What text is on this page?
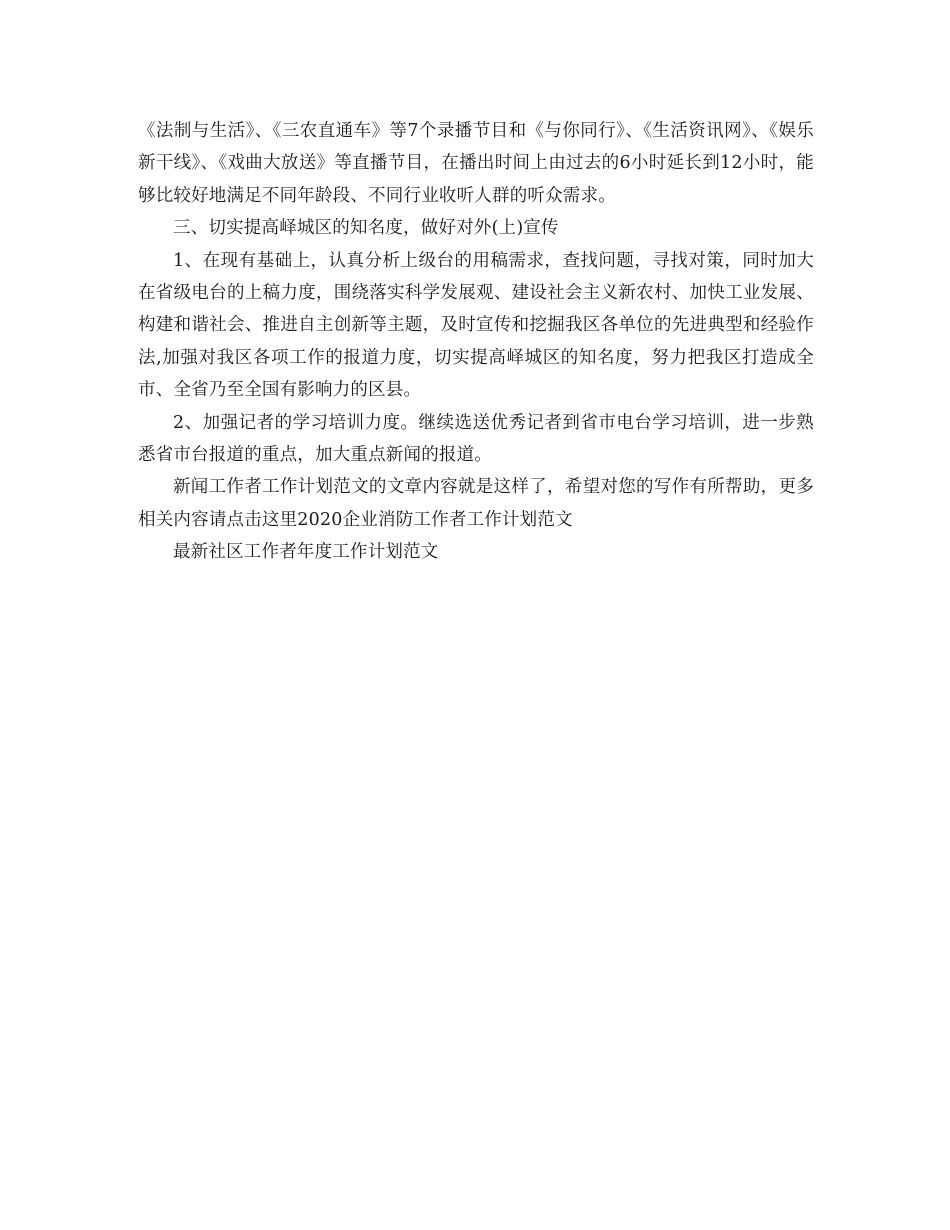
《法制与生活》、《三农直通车》等7个录播节目和《与你同行》、《生活资讯网》、《娱乐新干线》、《戏曲大放送》等直播节目，在播出时间上由过去的6小时延长到12小时，能够比较好地满足不同年龄段、不同行业收听人群的听众需求。

三、切实提高峄城区的知名度，做好对外(上)宣传

1、在现有基础上，认真分析上级台的用稿需求，查找问题，寻找对策，同时加大在省级电台的上稿力度，围绕落实科学发展观、建设社会主义新农村、加快工业发展、构建和谐社会、推进自主创新等主题，及时宣传和挖掘我区各单位的先进典型和经验作法,加强对我区各项工作的报道力度，切实提高峄城区的知名度，努力把我区打造成全市、全省乃至全国有影响力的区县。

2、加强记者的学习培训力度。继续选送优秀记者到省市电台学习培训，进一步熟悉省市台报道的重点，加大重点新闻的报道。

新闻工作者工作计划范文的文章内容就是这样了，希望对您的写作有所帮助，更多相关内容请点击这里2020企业消防工作者工作计划范文

最新社区工作者年度工作计划范文
